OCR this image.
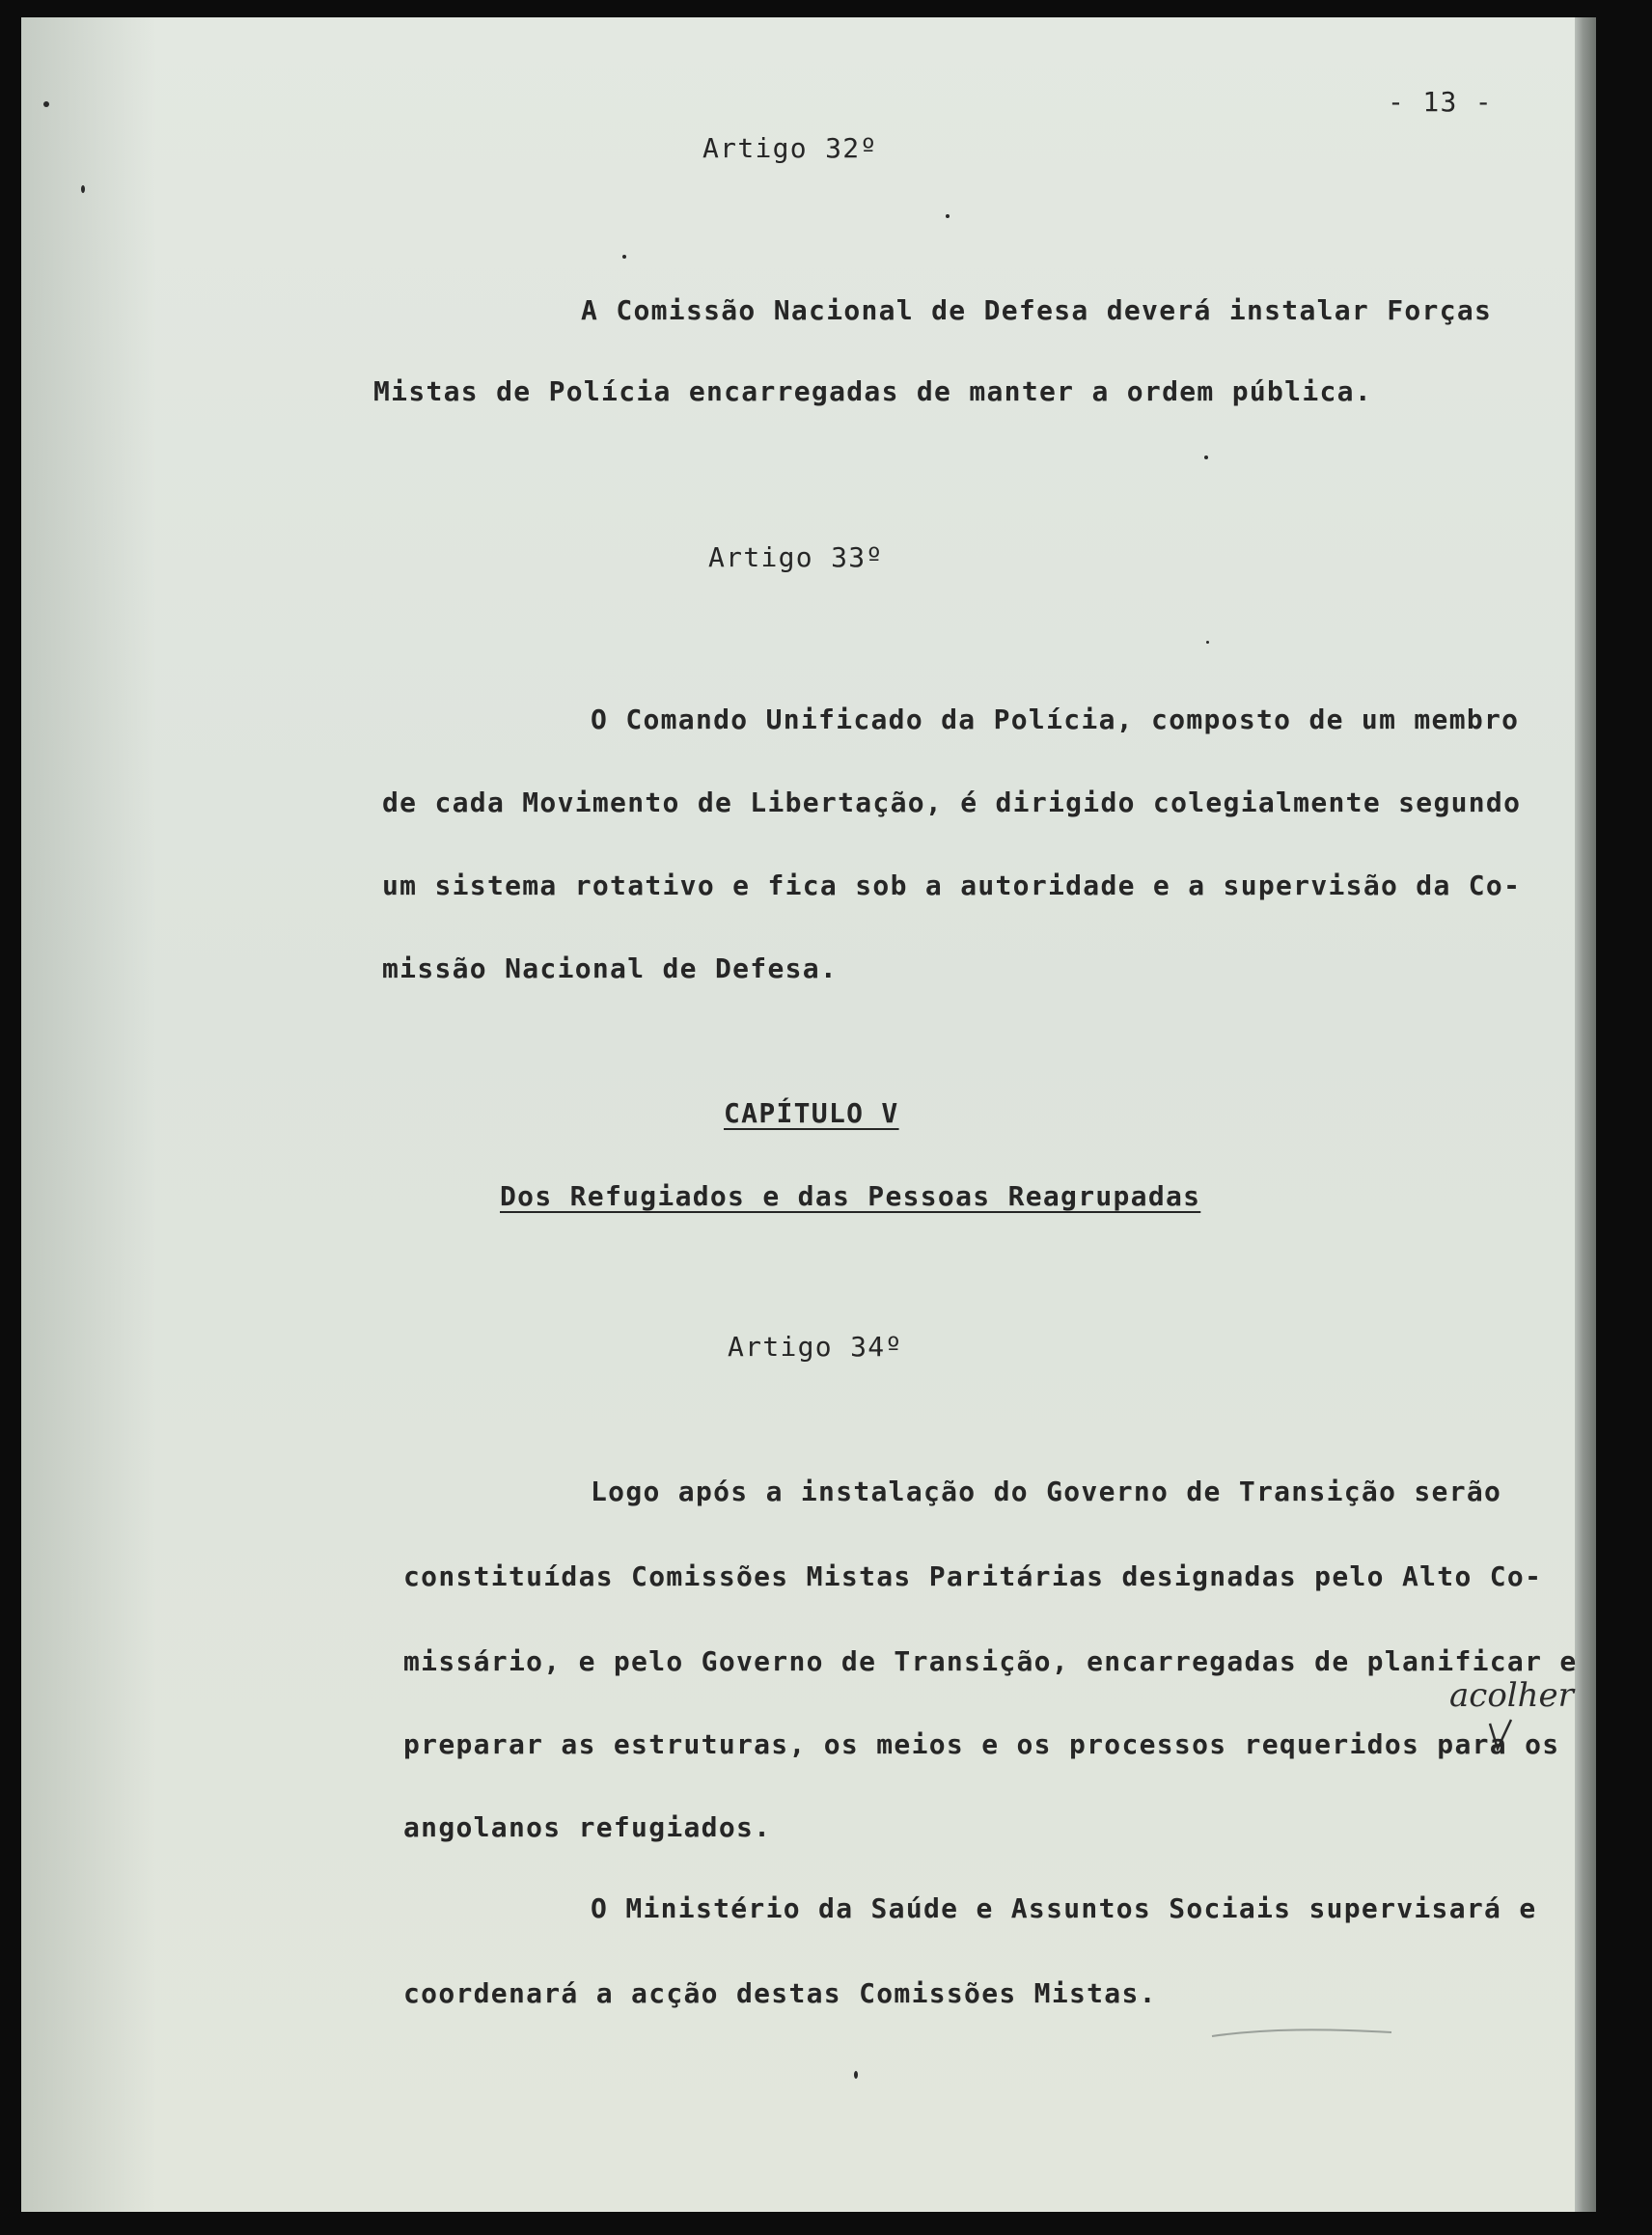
- 13 -
Artigo 32º
A Comissão Nacional de Defesa deverá instalar Forças
Mistas de Polícia encarregadas de manter a ordem pública.
Artigo 33º
O Comando Unificado da Polícia, composto de um membro
de cada Movimento de Libertação, é dirigido colegialmente segundo
um sistema rotativo e fica sob a autoridade e a supervisão da Co-
missão Nacional de Defesa.
CAPÍTULO V
Dos Refugiados e das Pessoas Reagrupadas
Artigo 34º
Logo após a instalação do Governo de Transição serão
constituídas Comissões Mistas Paritárias designadas pelo Alto Co-
missário, e pelo Governo de Transição, encarregadas de planificar e
acolher
preparar as estruturas, os meios e os processos requeridos para os
angolanos refugiados.
O Ministério da Saúde e Assuntos Sociais supervisará e
coordenará a acção destas Comissões Mistas.
